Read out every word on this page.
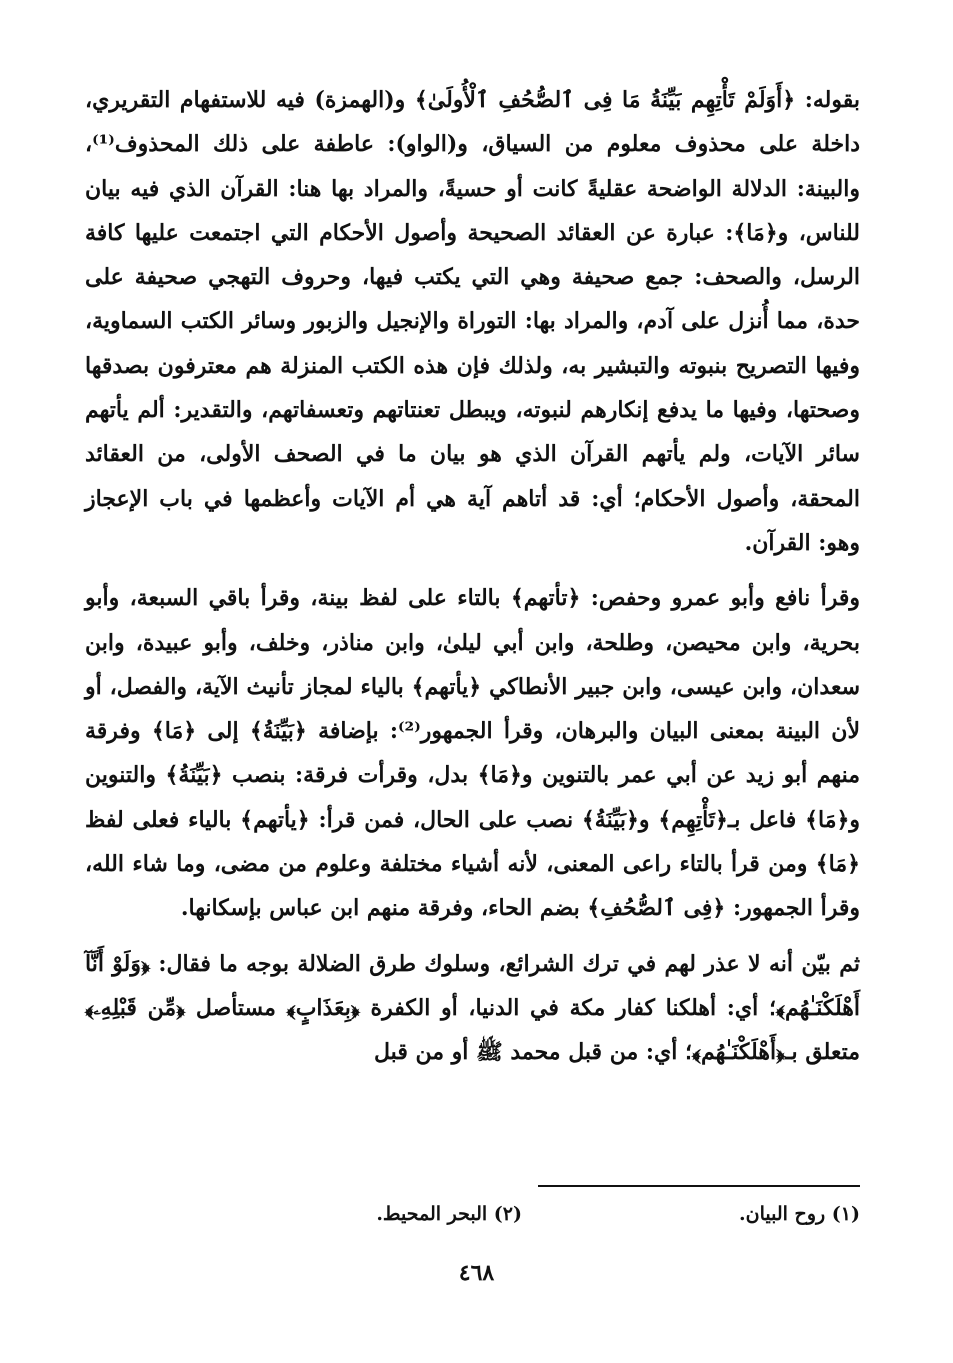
بقوله: ﴿أَوَلَمْ تَأْتِهِم بَيِّنَةُ مَا فِى ٱلصُّحُفِ ٱلْأُولَىٰ﴾ و(الهمزة) فيه للاستفهام التقريري، داخلة على محذوف معلوم من السياق، و(الواو): عاطفة على ذلك المحذوف⁽¹⁾، والبينة: الدلالة الواضحة عقليةً كانت أو حسيةً، والمراد بها هنا: القرآن الذي فيه بيان للناس، و﴿مَا﴾: عبارة عن العقائد الصحيحة وأصول الأحكام التي اجتمعت عليها كافة الرسل، والصحف: جمع صحيفة وهي التي يكتب فيها، وحروف التهجي صحيفة على حدة، مما أُنزل على آدم، والمراد بها: التوراة والإنجيل والزبور وسائر الكتب السماوية، وفيها التصريح بنبوته والتبشير به، ولذلك فإن هذه الكتب المنزلة هم معترفون بصدقها وصحتها، وفيها ما يدفع إنكارهم لنبوته، ويبطل تعنتاتهم وتعسفاتهم، والتقدير: ألم يأتهم سائر الآيات، ولم يأتهم القرآن الذي هو بيان ما في الصحف الأولى، من العقائد المحقة، وأصول الأحكام؛ أي: قد أتاهم آية هي أم الآيات وأعظمها في باب الإعجاز وهو: القرآن.

وقرأ نافع وأبو عمرو وحفص: ﴿تأتهم﴾ بالتاء على لفظ بينة، وقرأ باقي السبعة، وأبو بحرية، وابن محيصن، وطلحة، وابن أبي ليلىٰ، وابن مناذر، وخلف، وأبو عبيدة، وابن سعدان، وابن عيسى، وابن جبير الأنطاكي ﴿يأتهم﴾ بالياء لمجاز تأنيث الآية، والفصل، أو لأن البينة بمعنى البيان والبرهان، وقرأ الجمهور⁽²⁾: بإضافة ﴿بَيِّنَةُ﴾ إلى ﴿مَا﴾ وفرقة منهم أبو زيد عن أبي عمر بالتنوين و﴿مَا﴾ بدل، وقرأت فرقة: بنصب ﴿بَيِّنَةُ﴾ والتنوين و﴿مَا﴾ فاعل بـ﴿تَأْتِهِم﴾ و﴿بَيِّنَةُ﴾ نصب على الحال، فمن قرأ: ﴿يأتهم﴾ بالياء فعلى لفظ ﴿مَا﴾ ومن قرأ بالتاء راعى المعنى، لأنه أشياء مختلفة وعلوم من مضى، وما شاء الله، وقرأ الجمهور: ﴿فِى ٱلصُّحُفِ﴾ بضم الحاء، وفرقة منهم ابن عباس بإسكانها.

ثم بيّن أنه لا عذر لهم في ترك الشرائع، وسلوك طرق الضلالة بوجه ما فقال: ﴿وَلَوْ أَنَّآ أَهْلَكْنَـٰهُم﴾؛ أي: أهلكنا كفار مكة في الدنيا، أو الكفرة ﴿بِعَذَابٍ﴾ مستأصل ﴿مِّن قَبْلِهِۦ﴾ متعلق بـ﴿أَهْلَكْنَـٰهُم﴾؛ أي: من قبل محمد ﷺ أو من قبل

(١) روح البيان.
(٢) البحر المحيط.
٤٦٨
